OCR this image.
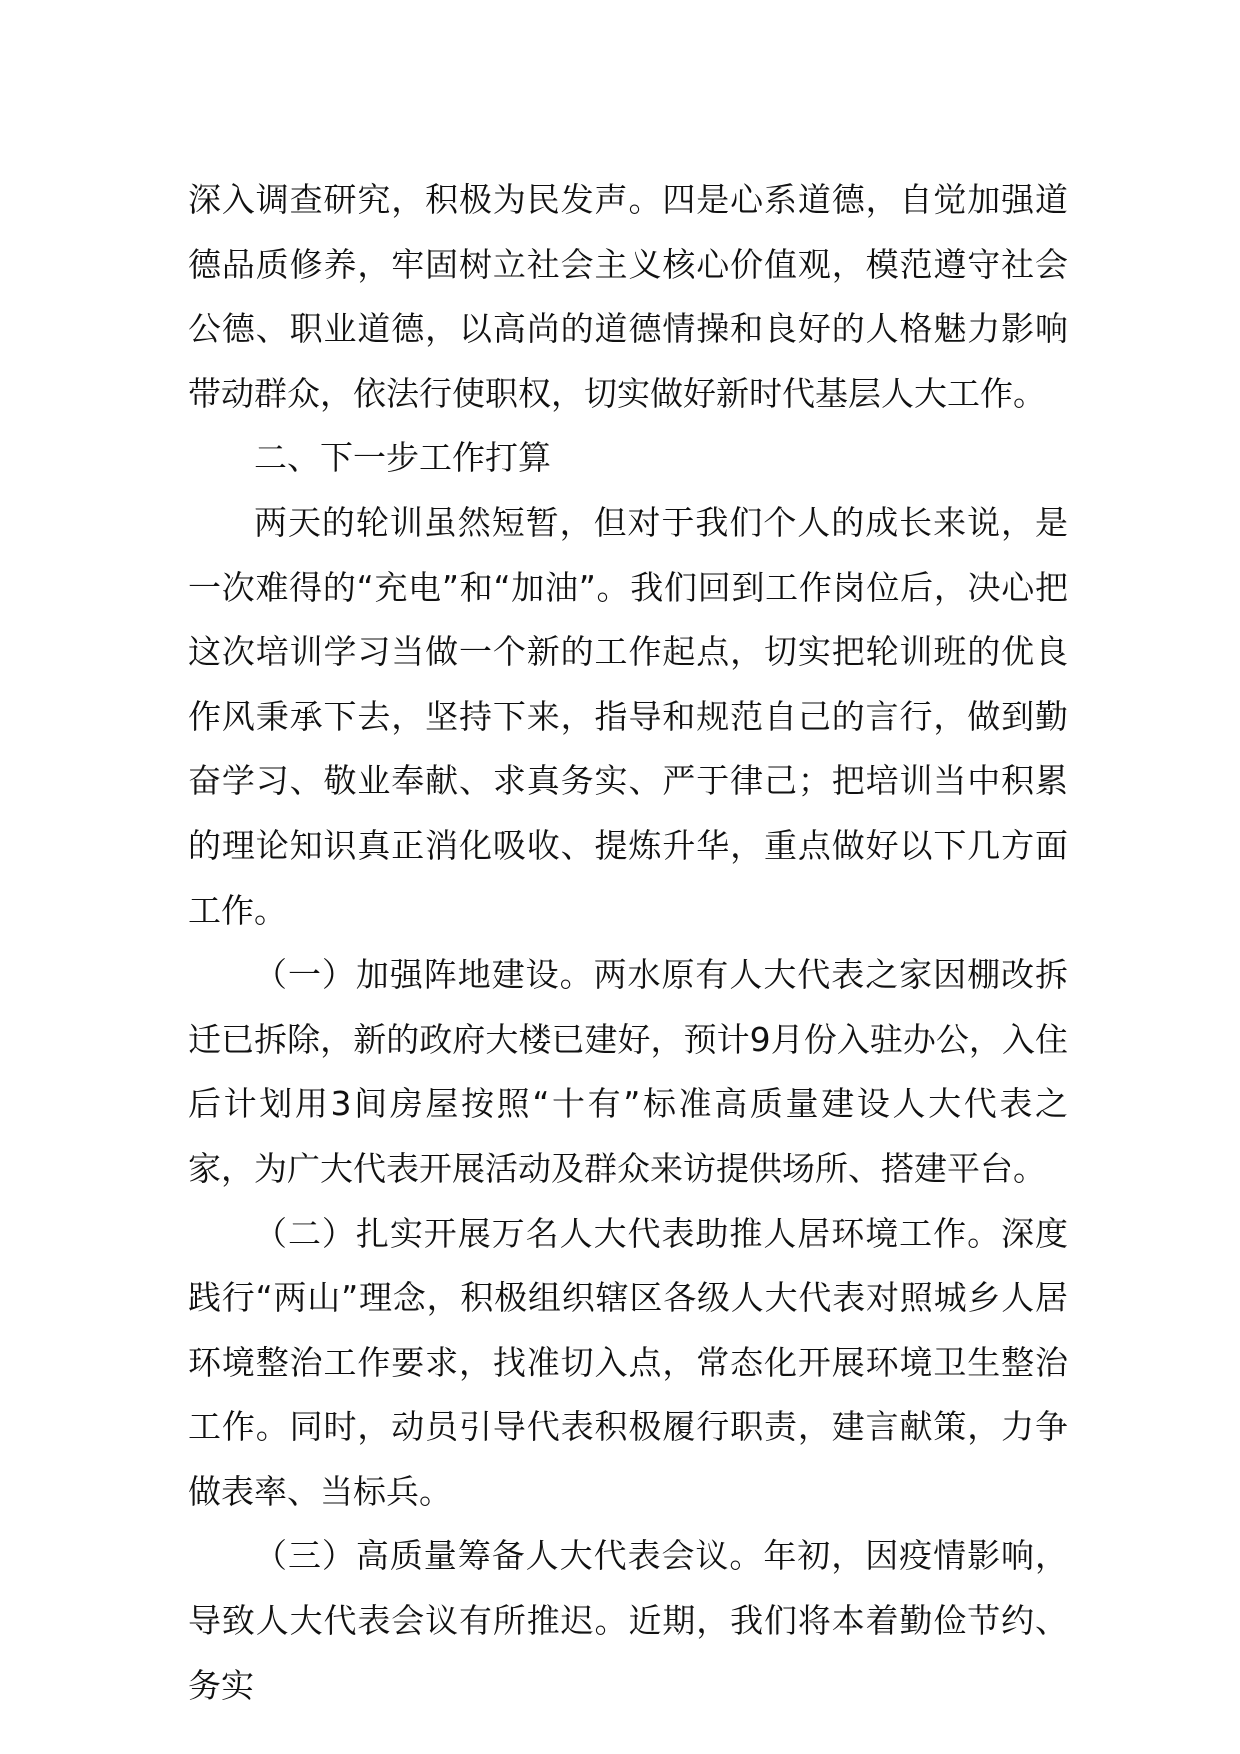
深入调查研究，积极为民发声。四是心系道德，自觉加强道德品质修养，牢固树立社会主义核心价值观，模范遵守社会公德、职业道德，以高尚的道德情操和良好的人格魅力影响带动群众，依法行使职权，切实做好新时代基层人大工作。

二、下一步工作打算

两天的轮训虽然短暂，但对于我们个人的成长来说，是一次难得的“充电”和“加油”。我们回到工作岗位后，决心把这次培训学习当做一个新的工作起点，切实把轮训班的优良作风秉承下去，坚持下来，指导和规范自己的言行，做到勤奋学习、敬业奉献、求真务实、严于律己；把培训当中积累的理论知识真正消化吸收、提炼升华，重点做好以下几方面工作。

（一）加强阵地建设。两水原有人大代表之家因棚改拆迁已拆除，新的政府大楼已建好，预计9月份入驻办公，入住后计划用3间房屋按照“十有”标准高质量建设人大代表之家，为广大代表开展活动及群众来访提供场所、搭建平台。

（二）扎实开展万名人大代表助推人居环境工作。深度践行“两山”理念，积极组织辖区各级人大代表对照城乡人居环境整治工作要求，找准切入点，常态化开展环境卫生整治工作。同时，动员引导代表积极履行职责，建言献策，力争做表率、当标兵。

（三）高质量筹备人大代表会议。年初，因疫情影响，导致人大代表会议有所推迟。近期，我们将本着勤俭节约、务实
